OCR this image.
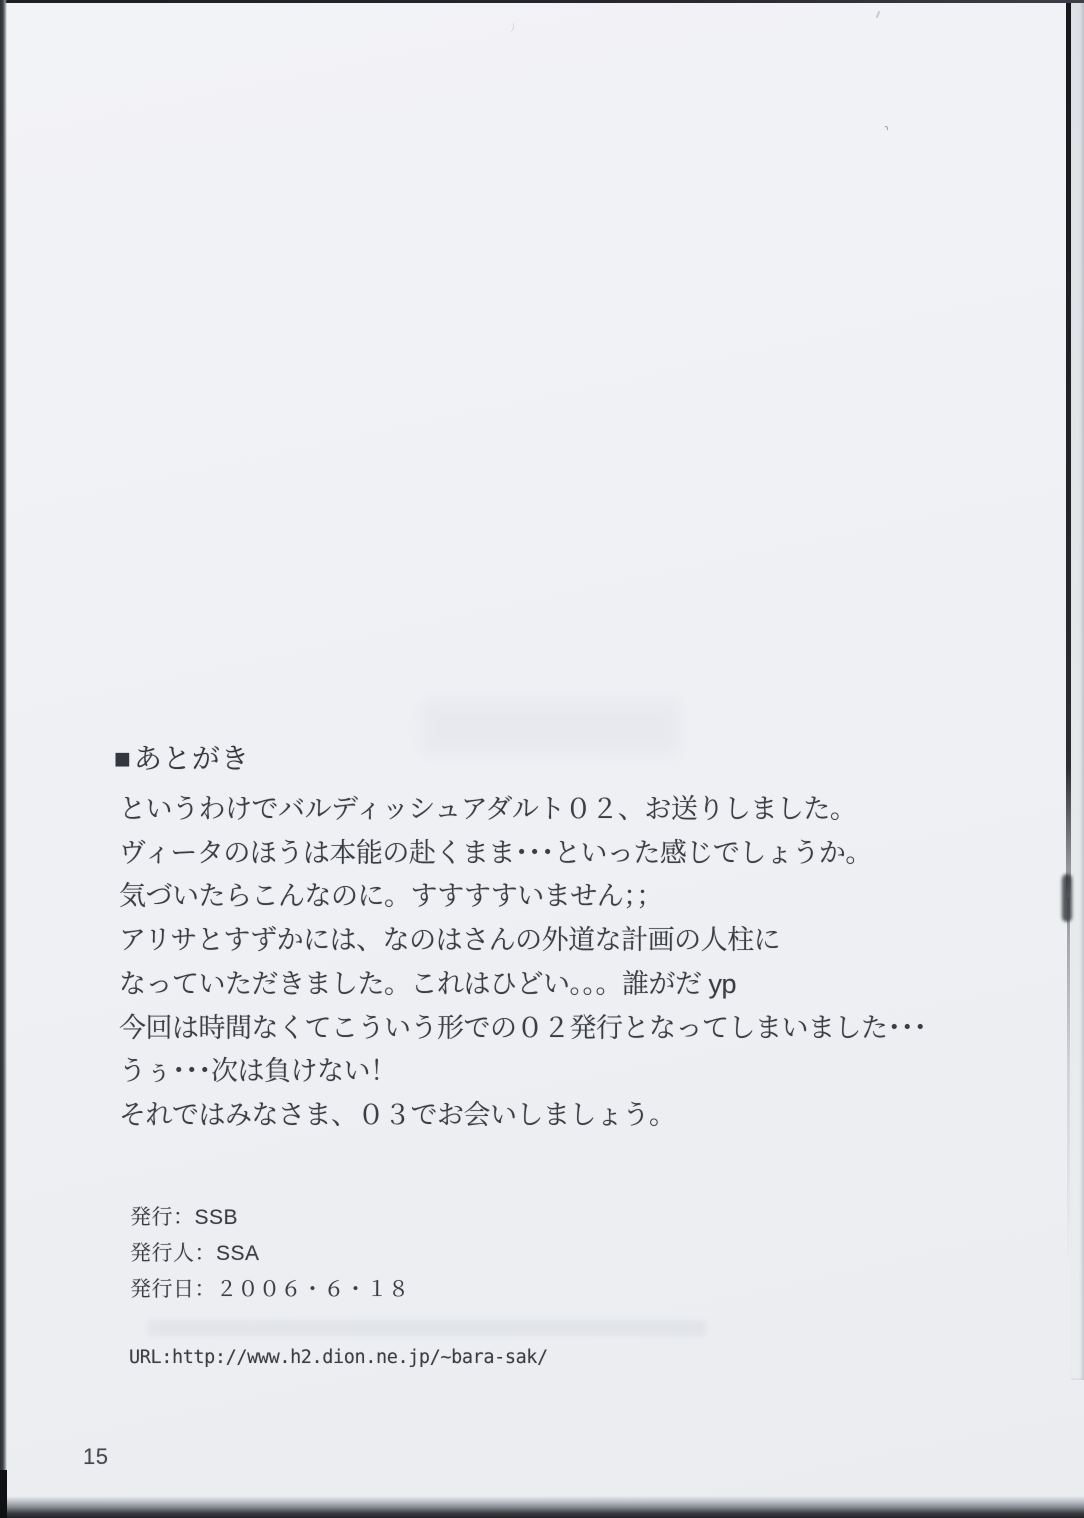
■あとがき
というわけでバルディッシュアダルト０２、お送りしました。
ヴィータのほうは本能の赴くまま･･･といった感じでしょうか。
気づいたらこんなのに。すすすすいません；；
アリサとすずかには、なのはさんの外道な計画の人柱に
なっていただきました。これはひどい。。。誰がだ yp
今回は時間なくてこういう形での０２発行となってしまいました･･･
うぅ･･･次は負けない！
それではみなさま、０３でお会いしましょう。
発行：SSB
発行人：SSA
発行日：２００６・６・１８
URL:http://www.h2.dion.ne.jp/~bara-sak/
15
